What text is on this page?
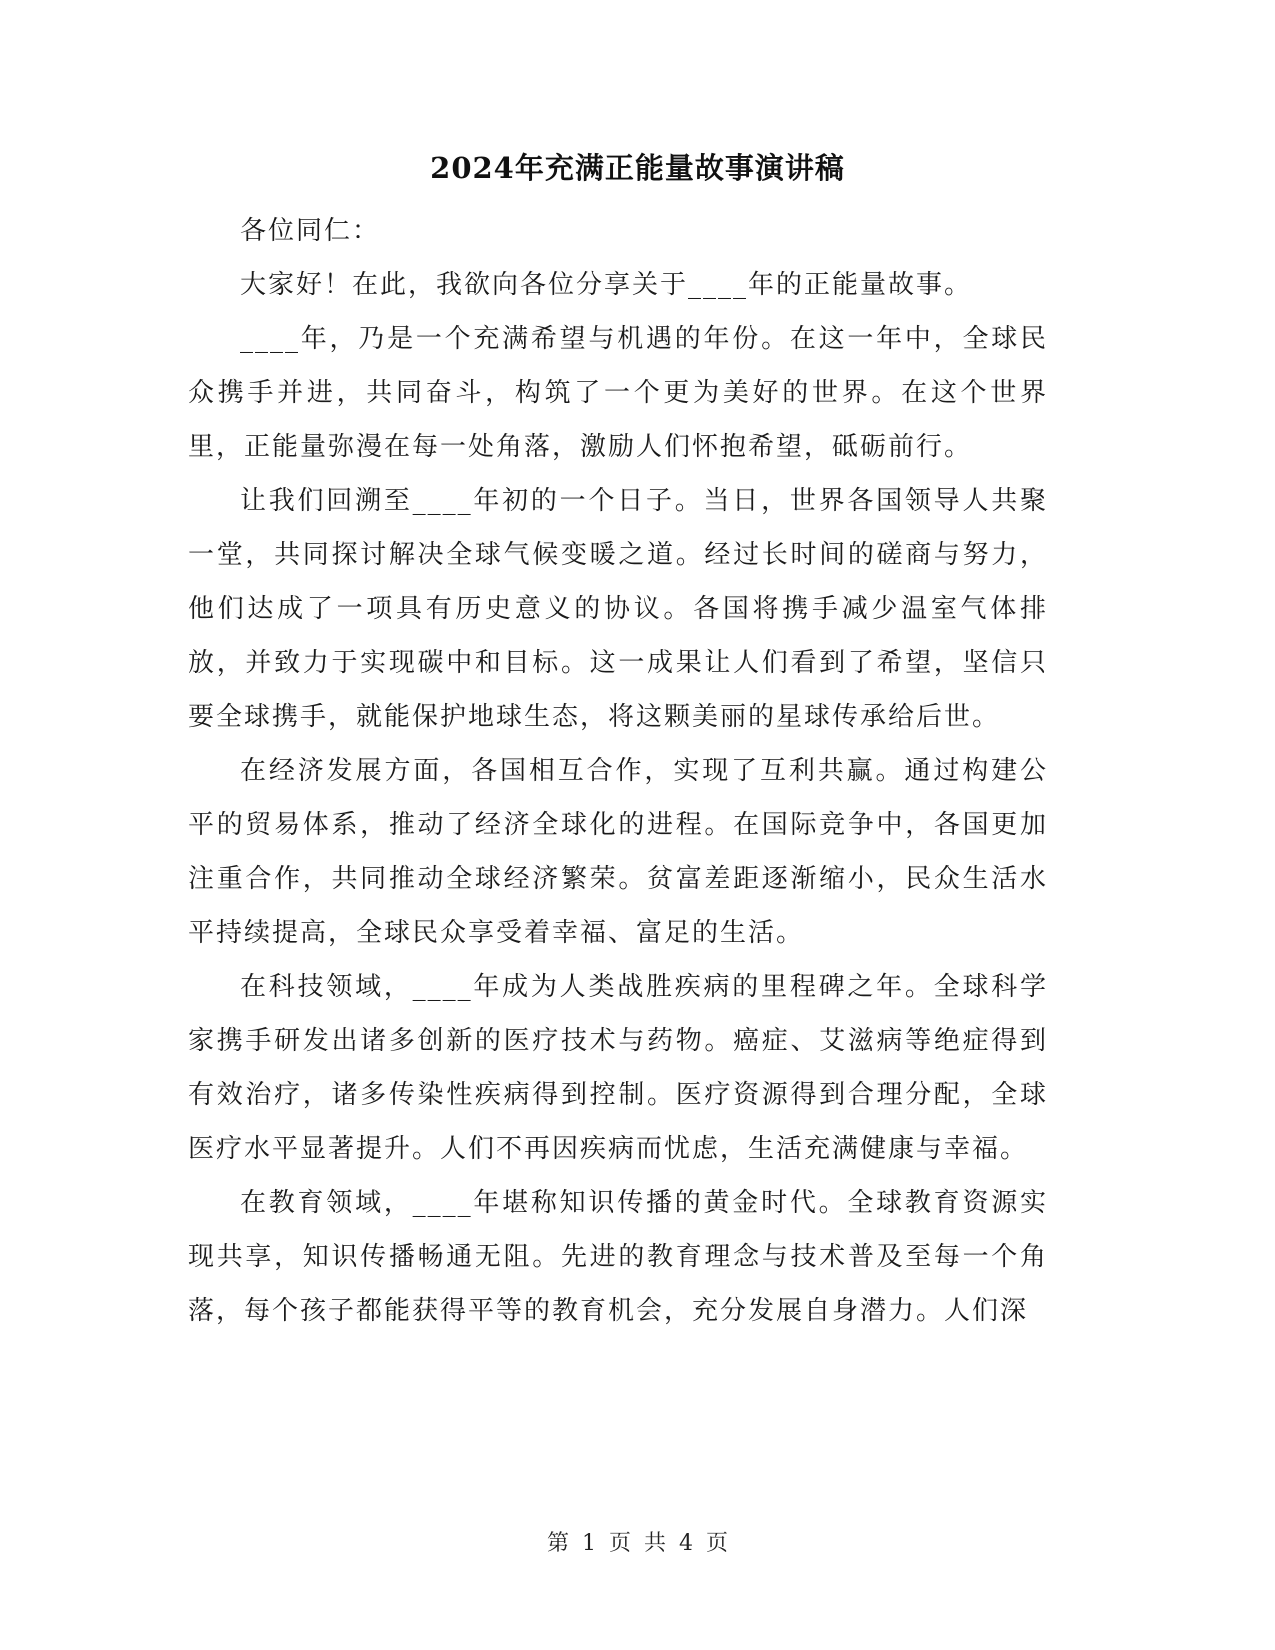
2024年充满正能量故事演讲稿

各位同仁：

大家好！在此，我欲向各位分享关于____年的正能量故事。

____年，乃是一个充满希望与机遇的年份。在这一年中，全球民众携手并进，共同奋斗，构筑了一个更为美好的世界。在这个世界里，正能量弥漫在每一处角落，激励人们怀抱希望，砥砺前行。

让我们回溯至____年初的一个日子。当日，世界各国领导人共聚一堂，共同探讨解决全球气候变暖之道。经过长时间的磋商与努力，他们达成了一项具有历史意义的协议。各国将携手减少温室气体排放，并致力于实现碳中和目标。这一成果让人们看到了希望，坚信只要全球携手，就能保护地球生态，将这颗美丽的星球传承给后世。

在经济发展方面，各国相互合作，实现了互利共赢。通过构建公平的贸易体系，推动了经济全球化的进程。在国际竞争中，各国更加注重合作，共同推动全球经济繁荣。贫富差距逐渐缩小，民众生活水平持续提高，全球民众享受着幸福、富足的生活。

在科技领域，____年成为人类战胜疾病的里程碑之年。全球科学家携手研发出诸多创新的医疗技术与药物。癌症、艾滋病等绝症得到有效治疗，诸多传染性疾病得到控制。医疗资源得到合理分配，全球医疗水平显著提升。人们不再因疾病而忧虑，生活充满健康与幸福。

在教育领域，____年堪称知识传播的黄金时代。全球教育资源实现共享，知识传播畅通无阻。先进的教育理念与技术普及至每一个角落，每个孩子都能获得平等的教育机会，充分发展自身潜力。人们深

第 1 页 共 4 页
